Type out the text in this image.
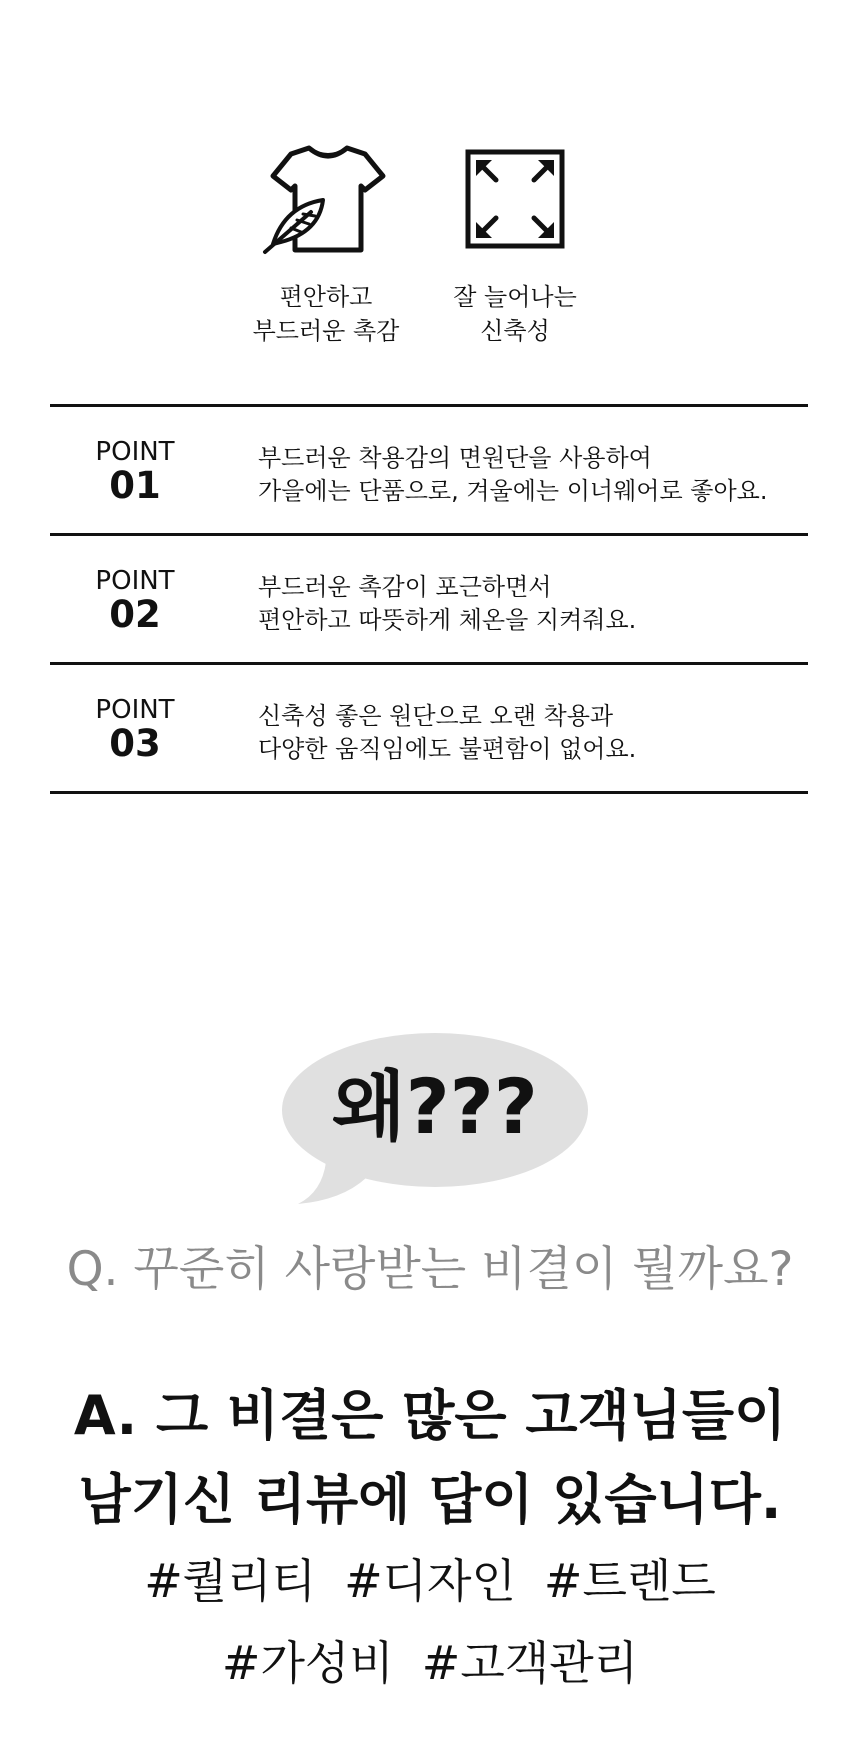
편안하고
부드러운 촉감
잘 늘어나는
신축성
POINT
01
부드러운 착용감의 면원단을 사용하여
가을에는 단품으로, 겨울에는 이너웨어로 좋아요.
POINT
02
부드러운 촉감이 포근하면서
편안하고 따뜻하게 체온을 지켜줘요.
POINT
03
신축성 좋은 원단으로 오랜 착용과
다양한 움직임에도 불편함이 없어요.
왜???
Q. 꾸준히 사랑받는 비결이 뭘까요?
A. 그 비결은 많은 고객님들이
남기신 리뷰에 답이 있습니다.
#퀄리티 #디자인 #트렌드
#가성비 #고객관리
